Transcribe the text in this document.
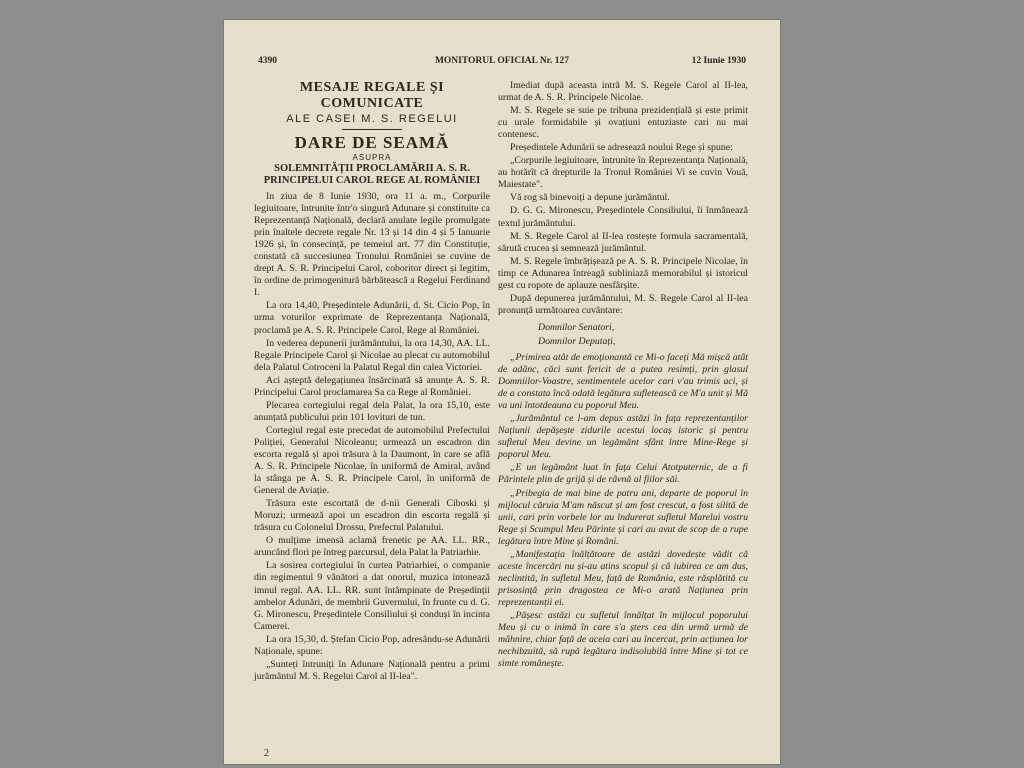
4390	MONITORUL OFICIAL Nr. 127	12 Iunie 1930
MESAJE REGALE ȘI COMUNICATE
ALE CASEI M. S. REGELUI
DARE DE SEAMĂ
ASUPRA
SOLEMNITĂȚII PROCLAMĂRII A. S. R. PRINCIPELUI CAROL REGE AL ROMÂNIEI

In ziua de 8 Iunie 1930, ora 11 a. m., Corpurile legiuitoare, întrunite într'o singură Adunare și constituite ca Reprezentanță Națională, declară anulate legile promulgate prin înaltele decrete regale Nr. 13 și 14 din 4 și 5 Ianuarie 1926 și, în consecință, pe temeiul art. 77 din Constituție, constată că succesiunea Tronului României se cuvine de drept A. S. R. Principelui Carol, coboritor direct și legitim, în ordine de primogenitură bărbătească a Regelui Ferdinand I.

La ora 14,40, Președintele Adunării, d. St. Cicio Pop, în urma voturilor exprimate de Reprezentanța Națională, proclamă pe A. S. R. Principele Carol, Rege al României.

In vederea depunerii jurământului, la ora 14,30, AA. LL. Regale Principele Carol și Nicolae au plecat cu automobilul dela Palatul Cotroceni la Palatul Regal din calea Victoriei.

Aci așteptă delegațiunea însărcinată să anunțe A. S. R. Principelui Carol proclamarea Sa ca Rege al României.

Plecarea cortegiului regal dela Palat, la ora 15,10, este anunțată publicului prin 101 lovituri de tun.

Cortegiul regal este precedat de automobilul Prefectului Poliției, Generalul Nicoleanu; urmează un escadron din escorta regală și apoi trăsura à la Daumont, în care se află A. S. R. Principele Nicolae, în uniformă de Amiral, având la stânga pe A. S. R. Principele Carol, în uniformă de General de Aviație.

Trăsura este escortată de d-nii Generali Ciboski și Moruzi; urmează apoi un escadron din escorta regală și trăsura cu Colonelul Drossu, Prefectul Palatului.

O mulțime imensă aclamă frenetic pe AA. LL. RR., aruncând flori pe întreg parcursul, dela Palat la Patriarhie.

La sosirea cortegiului în curtea Patriarhiei, o companie din regimentul 9 vânători a dat onorul, muzica intonează imnul regal. AA. LL. RR. sunt întâmpinate de Președinții ambelor Adunări, de membrii Guvernului, în frunte cu d. G. G. Mironescu, Președintele Consiliului și conduși în incinta Camerei.

La ora 15,30, d. Ștefan Cicio Pop, adresându-se Adunării Naționale, spune:

„Sunteți întruniți în Adunare Națională pentru a primi jurământul M. S. Regelui Carol al II-lea".

Imediat după aceasta intră M. S. Regele Carol al II-lea, urmat de A. S. R. Principele Nicolae.

M. S. Regele se suie pe tribuna prezidențială și este primit cu urale formidabile și ovațiuni entuziaste cari nu mai contenesc.

Președintele Adunării se adresează noului Rege și spune:

„Corpurile legiuitoare, întrunite în Reprezentanța Națională, au hotărît că drepturile la Tronul României Vi se cuvin Vouă, Maiestate".

Vă rog să binevoiți a depune jurământul.

D. G. G. Mironescu, Președintele Consiliului, îi înmânează textul jurământului.

M. S. Regele Carol al II-lea rostește formula sacramentală, sărută crucea și semnează jurământul.

M. S. Regele îmbrățișează pe A. S. R. Principele Nicolae, în timp ce Adunarea întreagă subliniază memorabilul și istoricul gest cu ropote de aplauze nesfârșite.

După depunerea jurământului, M. S. Regele Carol al II-lea pronunță următoarea cuvântare:

Domnilor Senatori,

Domnilor Deputați,

„Primirea atât de emoționantă ce Mi-o faceți Mă mișcă atât de adânc, căci sunt fericit de a putea resimți, prin glasul Domniilor-Voastre, sentimentele acelor cari v'au trimis aci, și de a constata încă odată legătura sufletească ce M'a unit și Mă va uni întotdeauna cu poporul Meu.

„Jurământul ce l-am depus astăzi în fața reprezentanților Națiunii depășește zidurile acestui locaș istoric și pentru sufletul Meu devine un legământ sfânt între Mine-Rege și poporul Meu.

„E un legământ luat în fața Celui Atotputernic, de a fi Părintele plin de grijă și de râvnă al fiilor săi.

„Pribegia de mai bine de patru ani, departe de poporul în mijlocul căruia M'am născut și am fost crescut, a fost silită de unii, cari prin vorbele lor au îndurerat sufletul Marelui vostru Rege și Scumpul Meu Părinte și cari au avut de scop de a rupe legătura între Mine și Români.

„Manifestația înălțătoare de astăzi dovedește vădit că aceste încercări nu și-au atins scopul și că iubirea ce am dus, neclintită, în sufletul Meu, față de România, este răsplătită cu prisosință prin dragostea ce Mi-o arată Națiunea prin reprezentanții ei.

„Pășesc astăzi cu sufletul înnălțat în mijlocul poporului Meu și cu o inimă în care s'a șters cea din urmă urmă de mâhnire, chiar față de aceia cari au încercat, prin acțiunea lor nechibzuită, să rupă legătura indisolubilă între Mine și tot ce simte românește.

2
